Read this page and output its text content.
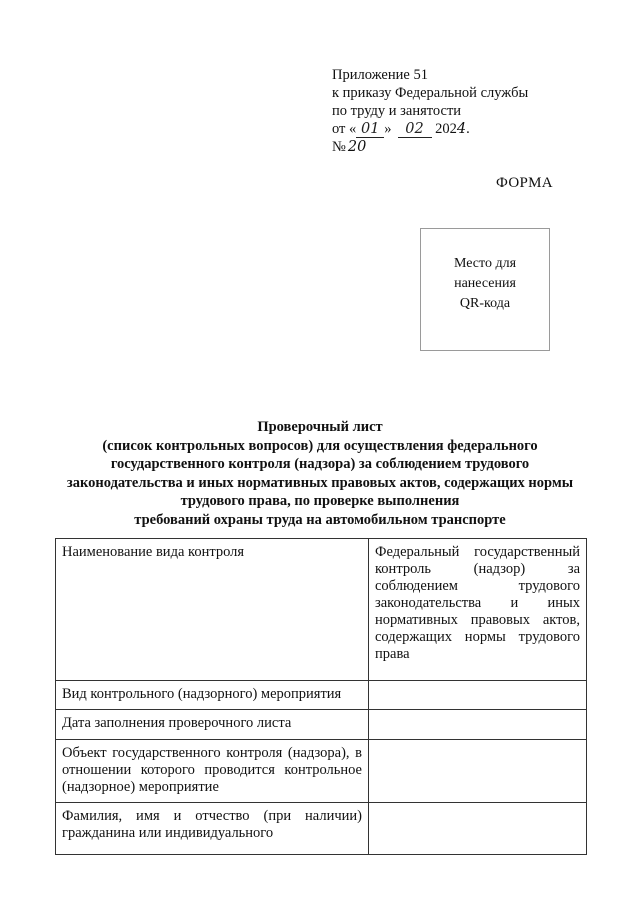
Приложение 51
к приказу Федеральной службы
по труду и занятости
от « 01 » 02 2024.
№ 20
ФОРМА
Место для
нанесения
QR-кода
Проверочный лист
(список контрольных вопросов) для осуществления федерального
государственного контроля (надзора) за соблюдением трудового
законодательства и иных нормативных правовых актов, содержащих нормы
трудового права, по проверке выполнения
требований охраны труда на автомобильном транспорте
Наименование вида контроля	Федеральный государственный контроль (надзор) за соблюдением трудового законодательства и иных нормативных правовых актов, содержащих нормы трудового права
Вид контрольного (надзорного) мероприятия	
Дата заполнения проверочного листа	
Объект государственного контроля (надзора), в отношении которого проводится контрольное (надзорное) мероприятие	
Фамилия, имя и отчество (при наличии) гражданина или индивидуального	
